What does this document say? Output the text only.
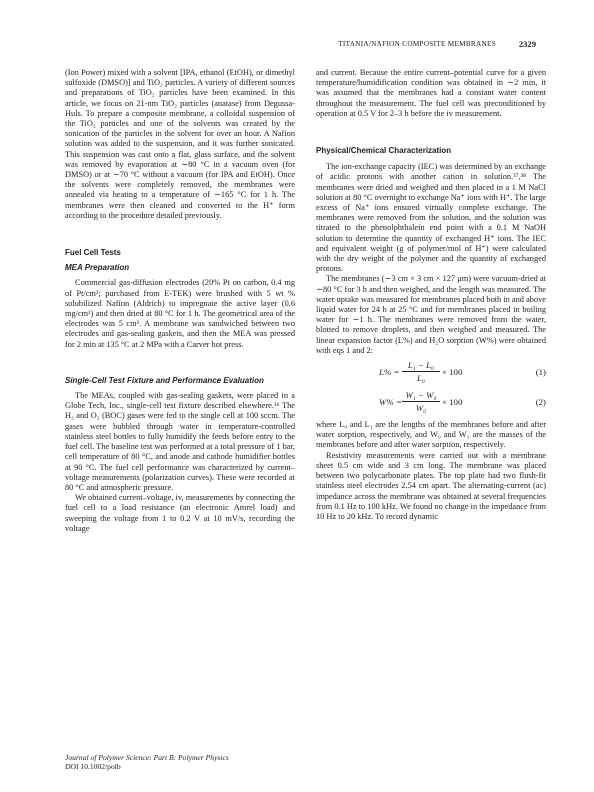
TITANIA/NAFION COMPOSITE MEMBRANES	2329

(Ion Power) mixed with a solvent [IPA, ethanol (EtOH), or dimethyl sulfoxide (DMSO)] and TiO₂ particles. A variety of different sources and preparations of TiO₂ particles have been examined. In this article, we focus on 21-nm TiO₂ particles (anatase) from Degussa-Huls. To prepare a composite membrane, a colloidal suspension of the TiO₂ particles and one of the solvents was created by the sonication of the particles in the solvent for over an hour. A Nafion solution was added to the suspension, and it was further sonicated. This suspension was cast onto a flat, glass surface, and the solvent was removed by evaporation at ∼80 °C in a vacuum oven (for DMSO) or at ∼70 °C without a vacuum (for IPA and EtOH). Once the solvents were completely removed, the membranes were annealed via heating to a temperature of ∼165 °C for 1 h. The membranes were then cleaned and converted to the H⁺ form according to the procedure detailed previously.

Fuel Cell Tests
MEA Preparation

Commercial gas-diffusion electrodes (20% Pt on carbon, 0.4 mg of Pt/cm²; purchased from E-TEK) were brushed with 5 wt % solubilized Nafion (Aldrich) to impregnate the active layer (0.6 mg/cm²) and then dried at 80 °C for 1 h. The geometrical area of the electrodes was 5 cm². A membrane was sandwiched between two electrodes and gas-sealing gaskets, and then the MEA was pressed for 2 min at 135 °C at 2 MPa with a Carver hot press.

Single-Cell Test Fixture and Performance Evaluation

The MEAs, coupled with gas-sealing gaskets, were placed in a Globe Tech, Inc., single-cell test fixture described elsewhere.³⁶ The H₂ and O₂ (BOC) gases were fed to the single cell at 100 sccm. The gases were bubbled through water in temperature-controlled stainless steel bottles to fully humidify the feeds before entry to the fuel cell. The baseline test was performed at a total pressure of 1 bar, cell temperature of 80 °C, and anode and cathode humidifier bottles at 90 °C. The fuel cell performance was characterized by current–voltage measurements (polarization curves). These were recorded at 80 °C and atmospheric pressure.

We obtained current–voltage, iv, measurements by connecting the fuel cell to a load resistance (an electronic Amrel load) and sweeping the voltage from 1 to 0.2 V at 10 mV/s, recording the voltage

and current. Because the entire current–potential curve for a given temperature/humidification condition was obtained in ∼2 min, it was assumed that the membranes had a constant water content throughout the measurement. The fuel cell was preconditioned by operation at 0.5 V for 2–3 h before the iv measurement.

Physical/Chemical Characterization

The ion-exchange capacity (IEC) was determined by an exchange of acidic protons with another cation in solution.³⁷,³⁸ The membranes were dried and weighed and then placed in a 1 M NaCl solution at 80 °C overnight to exchange Na⁺ ions with H⁺. The large excess of Na⁺ ions ensured virtually complete exchange. The membranes were removed from the solution, and the solution was titrated to the phenolphthalein end point with a 0.1 M NaOH solution to determine the quantity of exchanged H⁺ ions. The IEC and equivalent weight (g of polymer/mol of H⁺) were calculated with the dry weight of the polymer and the quantity of exchanged protons.

The membranes (∼3 cm × 3 cm × 127 μm) were vacuum-dried at ∼80 °C for 3 h and then weighed, and the length was measured. The water uptake was measured for membranes placed both in and above liquid water for 24 h at 25 °C and for membranes placed in boiling water for ∼1 h. The membranes were removed from the water, blotted to remove droplets, and then weighed and measured. The linear expansion factor (L%) and H₂O sorption (W%) were obtained with eqs 1 and 2:

$L\% = \frac{\text{L₁ − L₀}}{\text{L₀}} \times 100$	(1)
$W\% = \frac{\text{W₁ − W₀}}{\text{W₀}} \times 100$	(2)

where L₀ and L₁ are the lengths of the membranes before and after water sorption, respectively, and W₀ and W₁ are the masses of the membranes before and after water sorption, respectively.

Resistivity measurements were carried out with a membrane sheet 0.5 cm wide and 3 cm long. The membrane was placed between two polycarbonate plates. The top plate had two flush-fit stainless steel electrodes 2.54 cm apart. The alternating-current (ac) impedance across the membrane was obtained at several frequencies from 0.1 Hz to 100 kHz. We found no change in the impedance from 10 Hz to 20 kHz. To record dynamic

Journal of Polymer Science: Part B: Polymer Physics
DOI 10.1002/polb
